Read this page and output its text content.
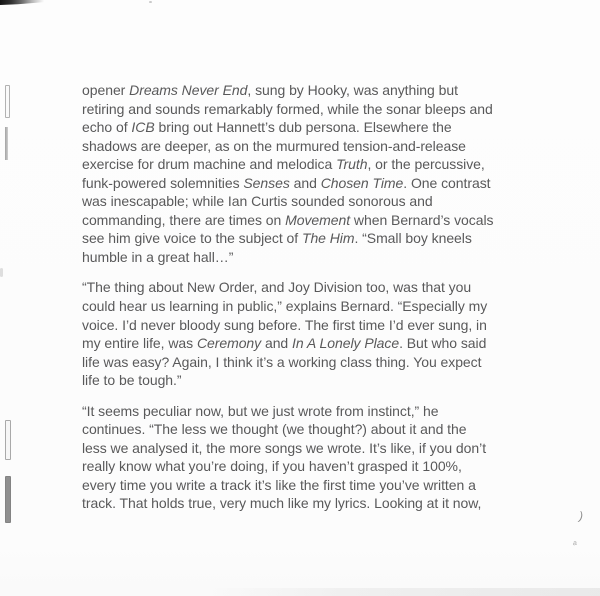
opener Dreams Never End, sung by Hooky, was anything but
retiring and sounds remarkably formed, while the sonar bleeps and
echo of ICB bring out Hannett’s dub persona. Elsewhere the
shadows are deeper, as on the murmured tension-and-release
exercise for drum machine and melodica Truth, or the percussive,
funk-powered solemnities Senses and Chosen Time. One contrast
was inescapable; while Ian Curtis sounded sonorous and
commanding, there are times on Movement when Bernard’s vocals
see him give voice to the subject of The Him. “Small boy kneels
humble in a great hall…”
“The thing about New Order, and Joy Division too, was that you
could hear us learning in public,” explains Bernard. “Especially my
voice. I’d never bloody sung before. The first time I’d ever sung, in
my entire life, was Ceremony and In A Lonely Place. But who said
life was easy? Again, I think it’s a working class thing. You expect
life to be tough.”
“It seems peculiar now, but we just wrote from instinct,” he
continues. “The less we thought (we thought?) about it and the
less we analysed it, the more songs we wrote. It’s like, if you don’t
really know what you’re doing, if you haven’t grasped it 100%,
every time you write a track it’s like the first time you’ve written a
track. That holds true, very much like my lyrics. Looking at it now,
)
a
